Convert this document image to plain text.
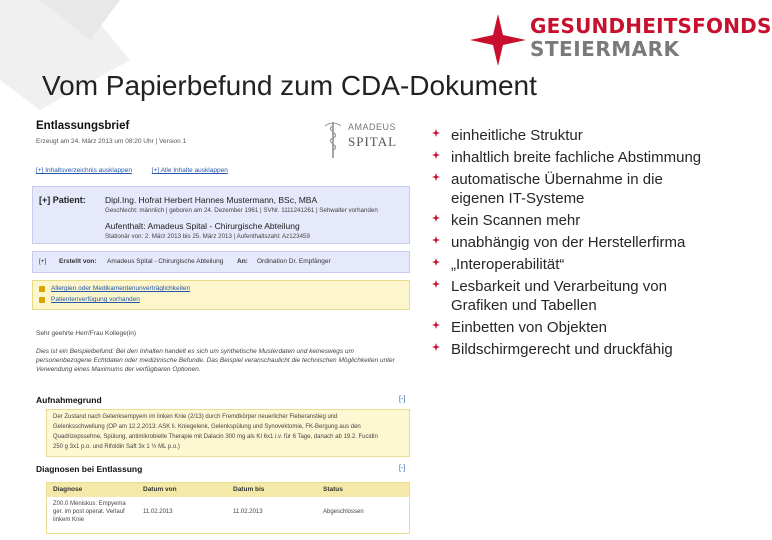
GESUNDHEITSFONDS
STEIERMARK
Vom Papierbefund zum CDA-Dokument
Entlassungsbrief
Erzeugt am 24. März 2013 um 08:20 Uhr | Version 1
[+] Inhaltsverzeichnis ausklappen	[+] Alle Inhalte ausklappen
AMADEUS
SPITAL
[+] Patient: Dipl.Ing. Hofrat Herbert Hannes Mustermann, BSc, MBA
Geschlecht: männlich | geboren am 24. Dezember 1961 | SVNr. 1111241261 | Sehwalter vorhanden
Aufenthalt: Amadeus Spital - Chirurgische Abteilung
Stationär von: 2. März 2013 bis 25. März 2013 | Aufenthaltszahl: Az123459
[+] Erstellt von: Amadeus Spital - Chirurgische Abteilung An: Ordination Dr. Empfänger
Allergien oder Medikamentenunverträglichkeiten
Patientenverfügung vorhanden
Sehr geehrte Herr/Frau Kollege(in)
Dies ist ein Beispielbefund. Bei den Inhalten handelt es sich um synthetische Musterdaten und keineswegs um
personenbezogene Echtdaten oder medizinische Befunde. Das Beispiel veranschaulicht die technischen Möglichkeiten unter
Verwendung eines Maximums der verfügbaren Optionen.
Aufnahmegrund	[-]
Der Zustand nach Gelenksempyem im linken Knie (2/13) durch Fremdkörper neuerlicher Fieberanstieg und
Gelenksschwellung (OP am 12.2.2013: ASK li. Kniegelenk, Gelenkspülung und Synovektomie, FK-Bergung aus den
Quadrizepssehne, Spülung, antimikrobielle Therapie mit Dalacin 300 mg als KI 6x1 i.v. für 6 Tage, danach ab 19.2. Fucidin
250 g 3x1 p.o. und Rifoldin Saft 3x 1 ½ ML p.o.)
Diagnosen bei Entlassung	[-]
Diagnose	Datum von	Datum bis	Status
Z00.0 Meniskus: Empyema
ger. im post operat. Verlauf
linkem Knie
11.02.2013	11.02.2013	Abgeschlossen
einheitliche Struktur
inhaltlich breite fachliche Abstimmung
automatische Übernahme in die eigenen IT-Systeme
kein Scannen mehr
unabhängig von der Herstellerfirma
„Interoperabilität“
Lesbarkeit und Verarbeitung von Grafiken und Tabellen
Einbetten von Objekten
Bildschirmgerecht und druckfähig
